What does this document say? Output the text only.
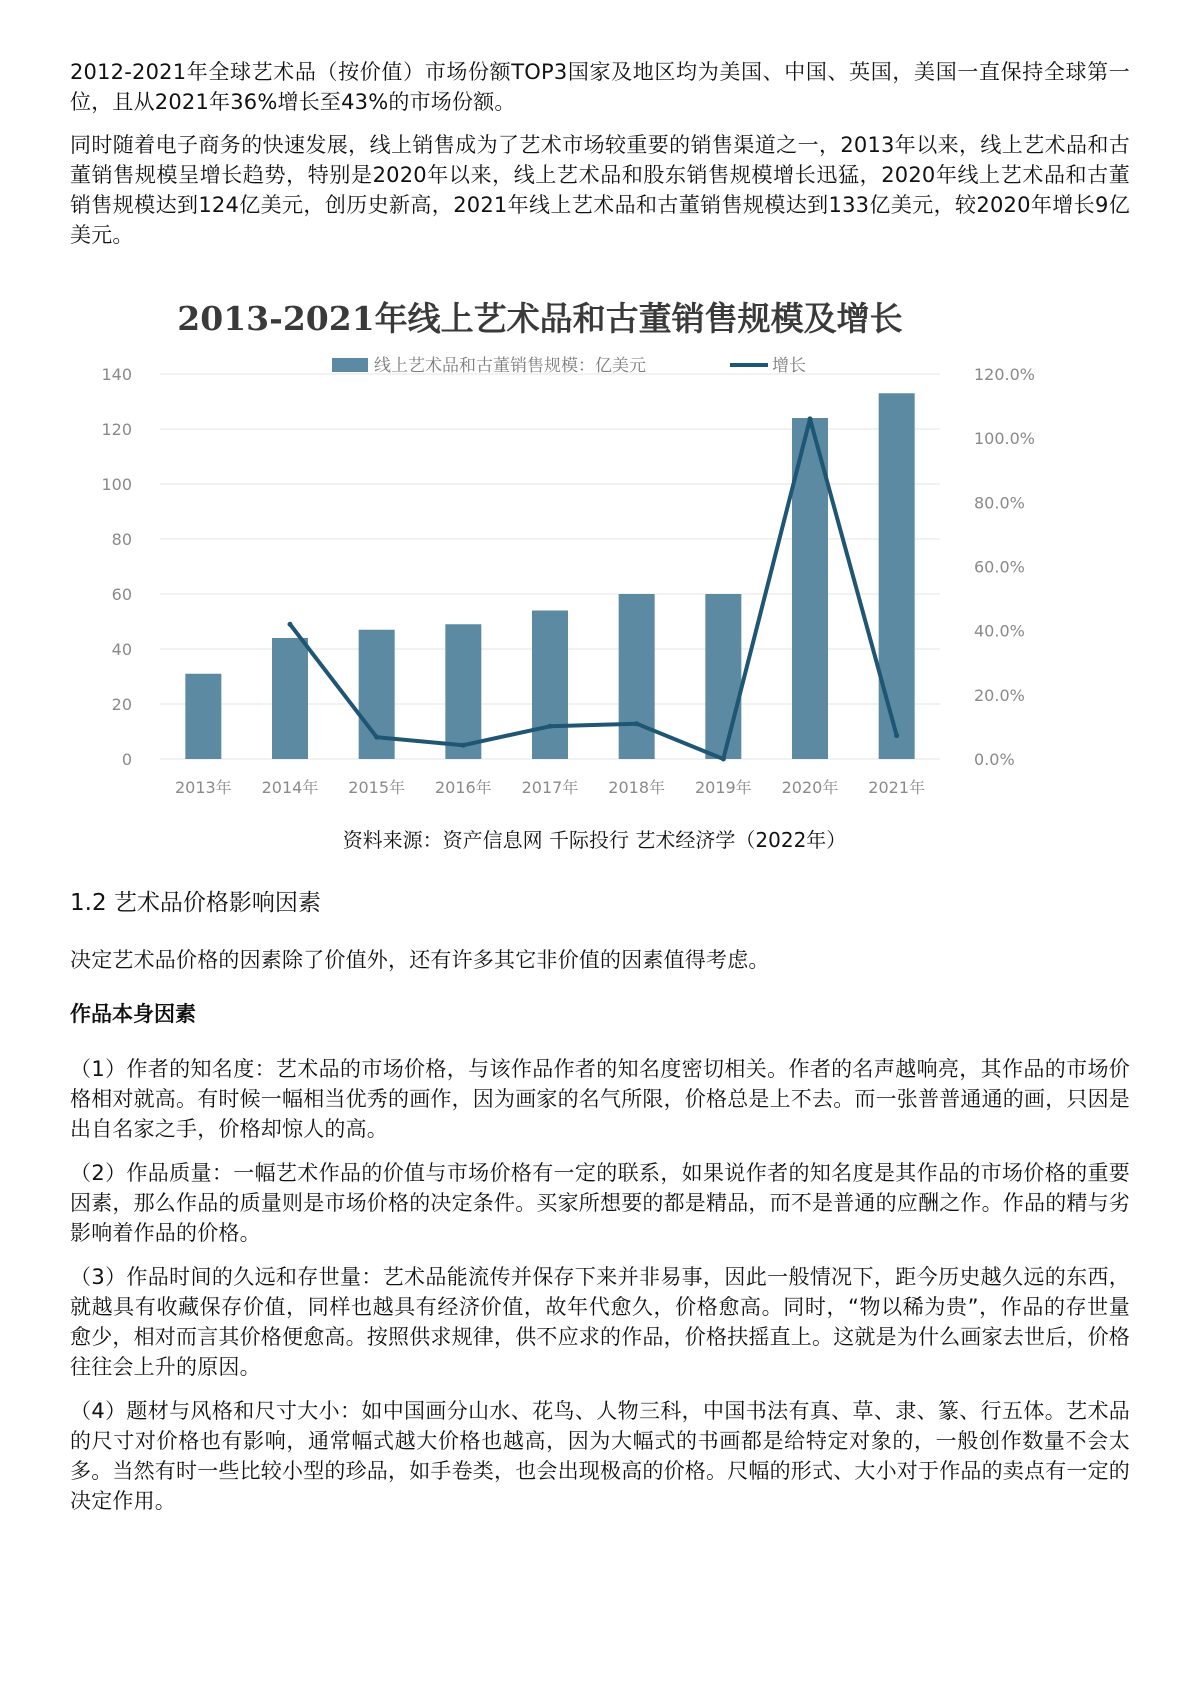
2012-2021年全球艺术品（按价值）市场份额TOP3国家及地区均为美国、中国、英国，美国一直保持全球第一位，且从2021年36%增长至43%的市场份额。

同时随着电子商务的快速发展，线上销售成为了艺术市场较重要的销售渠道之一，2013年以来，线上艺术品和古董销售规模呈增长趋势，特别是2020年以来，线上艺术品和股东销售规模增长迅猛，2020年线上艺术品和古董销售规模达到124亿美元，创历史新高，2021年线上艺术品和古董销售规模达到133亿美元，较2020年增长9亿美元。

2013-2021年线上艺术品和古董销售规模及增长
线上艺术品和古董销售规模：亿美元	增长
0
20
40
60
80
100
120
140
0.0%
20.0%
40.0%
60.0%
80.0%
100.0%
120.0%
2013年 2014年 2015年 2016年 2017年 2018年 2019年 2020年 2021年
资料来源：资产信息网 千际投行 艺术经济学（2022年）

1.2 艺术品价格影响因素

决定艺术品价格的因素除了价值外，还有许多其它非价值的因素值得考虑。

作品本身因素

（1）作者的知名度：艺术品的市场价格，与该作品作者的知名度密切相关。作者的名声越响亮，其作品的市场价格相对就高。有时候一幅相当优秀的画作，因为画家的名气所限，价格总是上不去。而一张普普通通的画，只因是出自名家之手，价格却惊人的高。

（2）作品质量：一幅艺术作品的价值与市场价格有一定的联系，如果说作者的知名度是其作品的市场价格的重要因素，那么作品的质量则是市场价格的决定条件。买家所想要的都是精品，而不是普通的应酬之作。作品的精与劣影响着作品的价格。

（3）作品时间的久远和存世量：艺术品能流传并保存下来并非易事，因此一般情况下，距今历史越久远的东西，就越具有收藏保存价值，同样也越具有经济价值，故年代愈久，价格愈高。同时，“物以稀为贵”，作品的存世量愈少，相对而言其价格便愈高。按照供求规律，供不应求的作品，价格扶摇直上。这就是为什么画家去世后，价格往往会上升的原因。

（4）题材与风格和尺寸大小：如中国画分山水、花鸟、人物三科，中国书法有真、草、隶、篆、行五体。艺术品的尺寸对价格也有影响，通常幅式越大价格也越高，因为大幅式的书画都是给特定对象的，一般创作数量不会太多。当然有时一些比较小型的珍品，如手卷类，也会出现极高的价格。尺幅的形式、大小对于作品的卖点有一定的决定作用。
